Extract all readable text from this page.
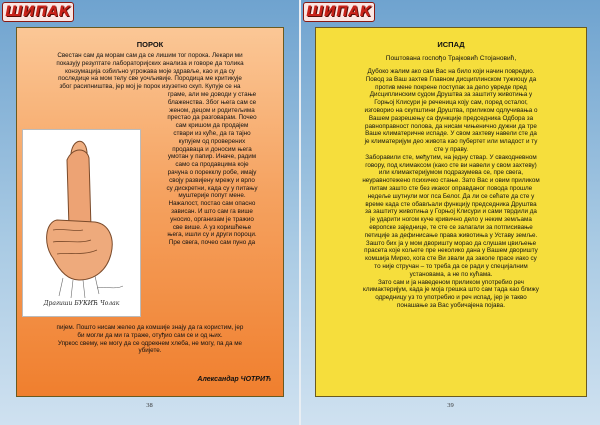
ШИПАК
ПОРОК

Свестан сам да морам сам да се лишим тог порока. Лекари ми

показују резултате лабораторијских анализа и говоре да толика

конзумација озбиљно угрожава моје здравље, као и да су

последице на мом телу све уочљивије. Породица ме критикује

због расипништва, јер мој је порок изузетно скуп. Купује се на

Драгиши БУКИЋ Чолак

граме, али ме доводи у стање

блаженства. Због њега сам се

женом, децом и родитељима

престао да разговарам. Почео

сам кришом да продајем

ствари из куће, да га тајно

купујем од проверених

продаваца и доносим њега

умотан у папир. Иначе, радим

само са продавцима које

рачуна о порекклу робе, имају

своју развијену мрежу и врло

су дискретни, када су у питању

муштерије попут мене.

Нажалост, постао сам опасно

зависан. И што сам га више

уносио, организам је тражио

све више. А уз коришћење

њега, ишли су и други пороци.

Пре свега, почео сам пуно да

пијем. Пошто нисам желео да комшије знају да га користим, јер

би могли да ми га траже, отуђио сам се и од њих.

Упркос свему, не могу да се одрекнем хлеба, не могу, па да ме

убијете.

Александар ЧОТРИЋ
38
ШИПАК
ИСПАД
Поштована госпођо Трајковић Стојановић,

Дубоко жалим ако сам Вас на било који начин повредио.

Повод за Ваш захтев Главном дисциплинском тужиоцу да

против мене покрене поступак за дело увреде пред

Дисциплинским судом Друштва за заштиту животиња у

Горњој Клисури је реченица коју сам, поред осталог,

изговорио на скупштини Друштва, приликом одлучивања о

Вашем разрешењу са функције председника Одбора за

равноправност полова, да нисам чињенично дужни да тре

Ваше климатеричне испаде. У свом захтеву навели сте да

је климатеријум део живота као пубертет или младост и ту

сте у праву.

Заборавили сте, међутим, на једну ствар. У свакодневном

говору, под климаксом (како сте ви навели у свом захтеву)

или климактеријумом подразумева се, пре свега,

неуравнотежено психичко стање. Зато Вас и овим приликом

питам зашто сте без икаког оправданог повода прошле

недеље шутнули мог пса Белог. Да ли се сећате да сте у

време када сте обављали функцију председника Друштва

за заштиту животиња у Горњој Клисури и сами тврдили да

је ударити ногом куче кривично дело у неким земљама

европске заједнице, те сте се залагали за потписивање

петиције за дефинисање права животиња у Уставу земље.

Зашто бих ја у мом дворишту морао да слушам цвиљење

прасета које кољете пре неколико дана у Вашем дворишту

комшија Мирко, кога сте Ви звали да заколе прасе иако су

то није стручан – то треба да се ради у специјалним

установама, а не по кућама.

Зато сам и ја наведеном приликом употребио реч

климактеријум, када је моја грешка што сам тада као ближу

одредницу уз то употребио и реч испад, јер је такво

понашање за Вас уобичајена појава.

39
